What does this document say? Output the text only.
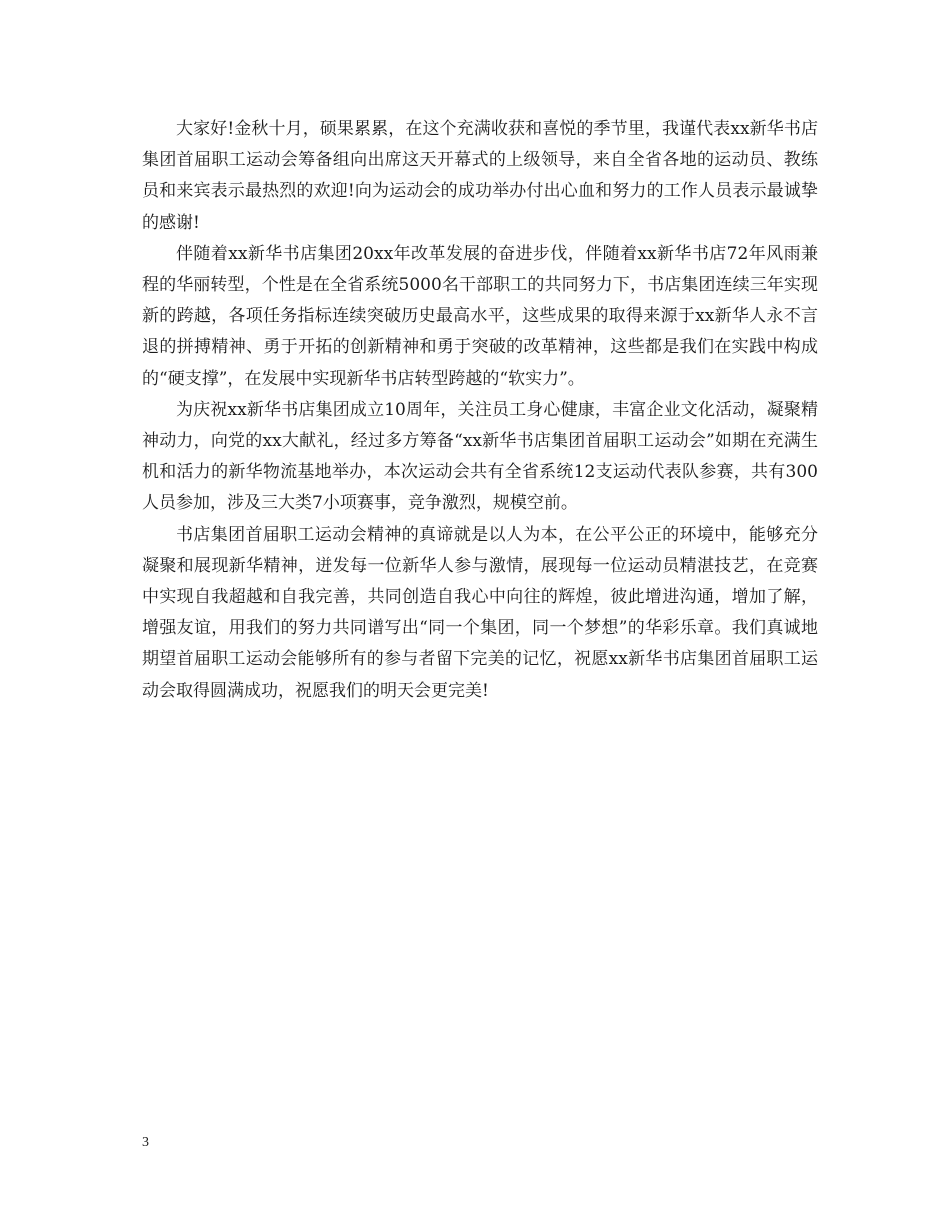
大家好!金秋十月，硕果累累，在这个充满收获和喜悦的季节里，我谨代表xx新华书店集团首届职工运动会筹备组向出席这天开幕式的上级领导，来自全省各地的运动员、教练员和来宾表示最热烈的欢迎!向为运动会的成功举办付出心血和努力的工作人员表示最诚挚的感谢!

伴随着xx新华书店集团20xx年改革发展的奋进步伐，伴随着xx新华书店72年风雨兼程的华丽转型，个性是在全省系统5000名干部职工的共同努力下，书店集团连续三年实现新的跨越，各项任务指标连续突破历史最高水平，这些成果的取得来源于xx新华人永不言退的拼搏精神、勇于开拓的创新精神和勇于突破的改革精神，这些都是我们在实践中构成的“硬支撑”，在发展中实现新华书店转型跨越的“软实力”。

为庆祝xx新华书店集团成立10周年，关注员工身心健康，丰富企业文化活动，凝聚精神动力，向党的xx大献礼，经过多方筹备“xx新华书店集团首届职工运动会”如期在充满生机和活力的新华物流基地举办，本次运动会共有全省系统12支运动代表队参赛，共有300人员参加，涉及三大类7小项赛事，竞争激烈，规模空前。

书店集团首届职工运动会精神的真谛就是以人为本，在公平公正的环境中，能够充分凝聚和展现新华精神，迸发每一位新华人参与激情，展现每一位运动员精湛技艺，在竞赛中实现自我超越和自我完善，共同创造自我心中向往的辉煌，彼此增进沟通，增加了解，增强友谊，用我们的努力共同谱写出“同一个集团，同一个梦想”的华彩乐章。我们真诚地期望首届职工运动会能够所有的参与者留下完美的记忆，祝愿xx新华书店集团首届职工运动会取得圆满成功，祝愿我们的明天会更完美!

3
